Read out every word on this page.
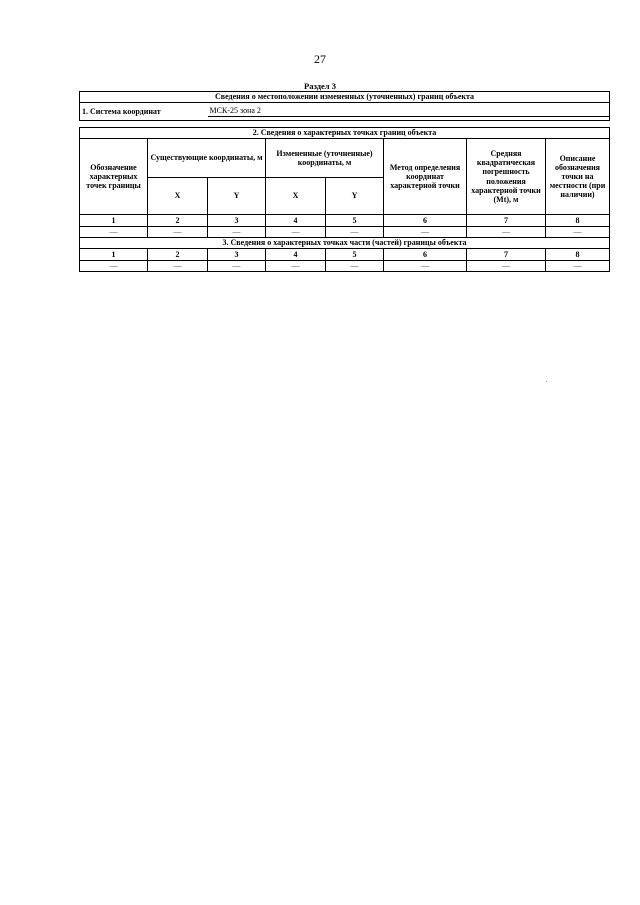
27
Раздел 3
Сведения о местоположении измененных (уточненных) границ объекта							
1. Система координат		МСК-25 зона 2					

2. Сведения о характерных точках границ объекта							
Обозначение характерных точек границы	Существующие координаты, м		Измененные (уточненные) координаты, м		Метод определения координат характерной точки	Средняя квадратическая погрешность положения характерной точки (Mt), м	Описание обозначения точки на местности (при наличии)
	X	Y	X	Y			
1	2	3	4	5	6	7	8
—	—	—	—	—	—	—	—
3. Сведения о характерных точках части (частей) границы объекта							
1	2	3	4	5	6	7	8
—	—	—	—	—	—	—	—
